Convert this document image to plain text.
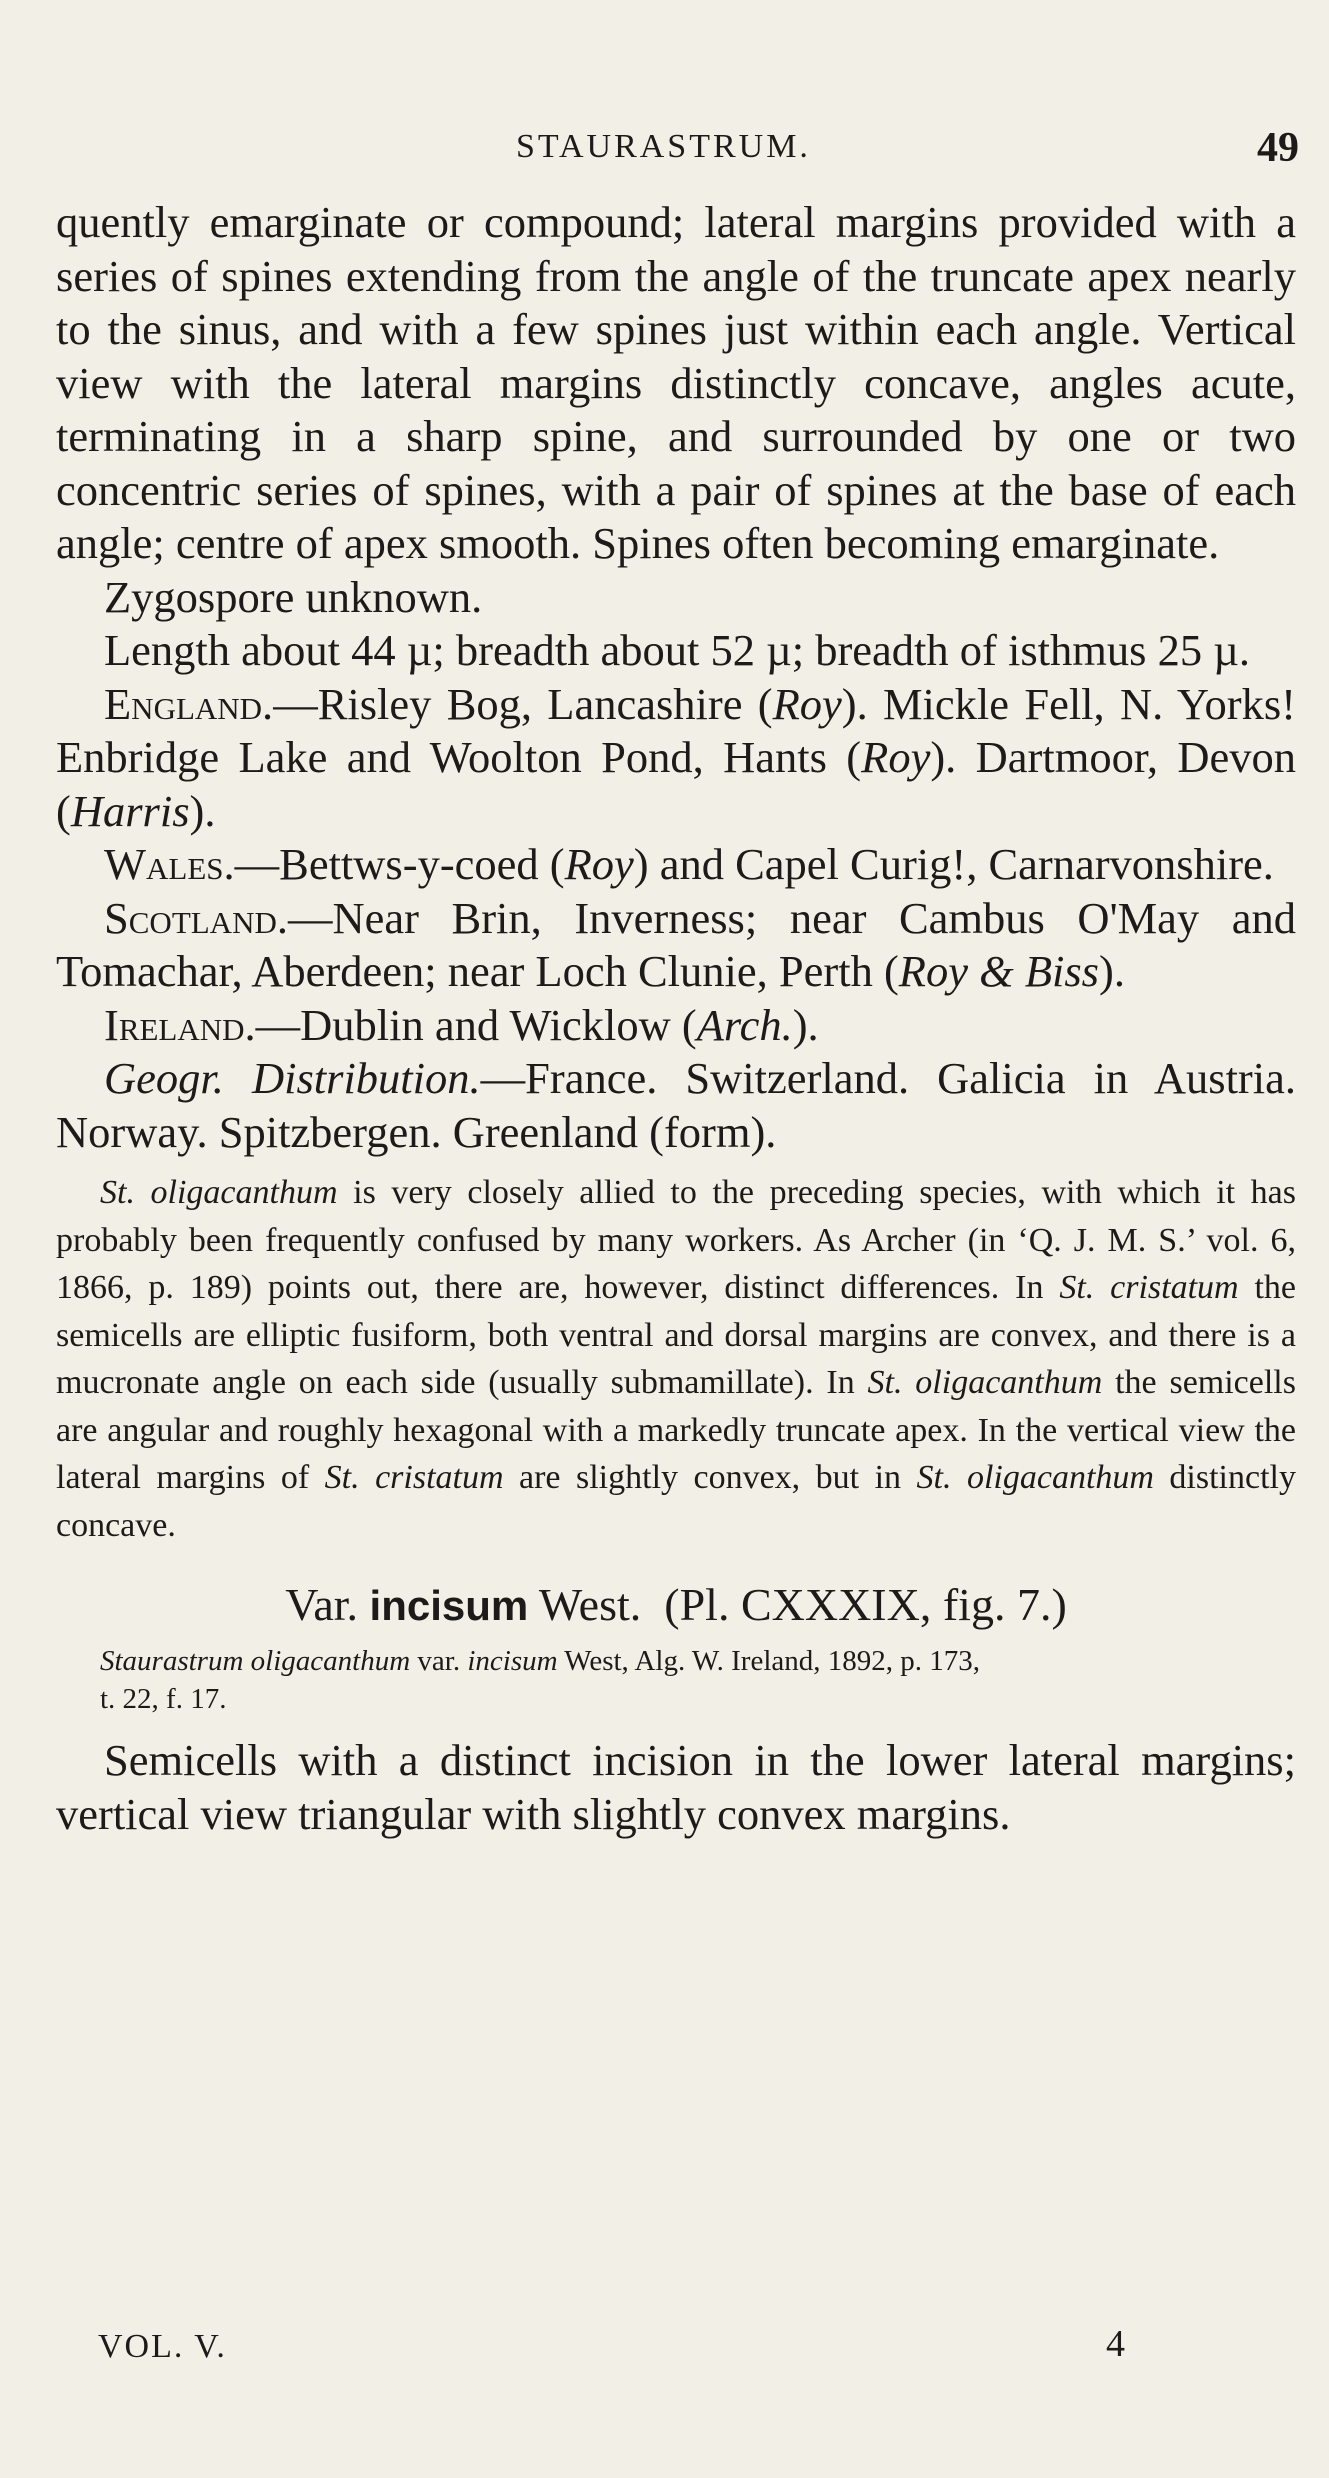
STAURASTRUM.	49

quently emarginate or compound; lateral margins provided with a series of spines extending from the angle of the truncate apex nearly to the sinus, and with a few spines just within each angle. Vertical view with the lateral margins distinctly concave, angles acute, terminating in a sharp spine, and surrounded by one or two concentric series of spines, with a pair of spines at the base of each angle; centre of apex smooth. Spines often becoming emarginate.

Zygospore unknown.

Length about 44 µ; breadth about 52 µ; breadth of isthmus 25 µ.

England.—Risley Bog, Lancashire (Roy). Mickle Fell, N. Yorks! Enbridge Lake and Woolton Pond, Hants (Roy). Dartmoor, Devon (Harris).

Wales.—Bettws-y-coed (Roy) and Capel Curig!, Carnarvonshire.

Scotland.—Near Brin, Inverness; near Cambus O'May and Tomachar, Aberdeen; near Loch Clunie, Perth (Roy & Biss).

Ireland.—Dublin and Wicklow (Arch.).

Geogr. Distribution.—France. Switzerland. Galicia in Austria. Norway. Spitzbergen. Greenland (form).

St. oligacanthum is very closely allied to the preceding species, with which it has probably been frequently confused by many workers. As Archer (in ‘Q. J. M. S.’ vol. 6, 1866, p. 189) points out, there are, however, distinct differences. In St. cristatum the semicells are elliptic fusiform, both ventral and dorsal margins are convex, and there is a mucronate angle on each side (usually submamillate). In St. oligacanthum the semicells are angular and roughly hexagonal with a markedly truncate apex. In the vertical view the lateral margins of St. cristatum are slightly convex, but in St. oligacanthum distinctly concave.

Var. incisum West. (Pl. CXXXIX, fig. 7.)

Staurastrum oligacanthum var. incisum West, Alg. W. Ireland, 1892, p. 173,
t. 22, f. 17.

Semicells with a distinct incision in the lower lateral margins; vertical view triangular with slightly convex margins.

VOL. V.	4
